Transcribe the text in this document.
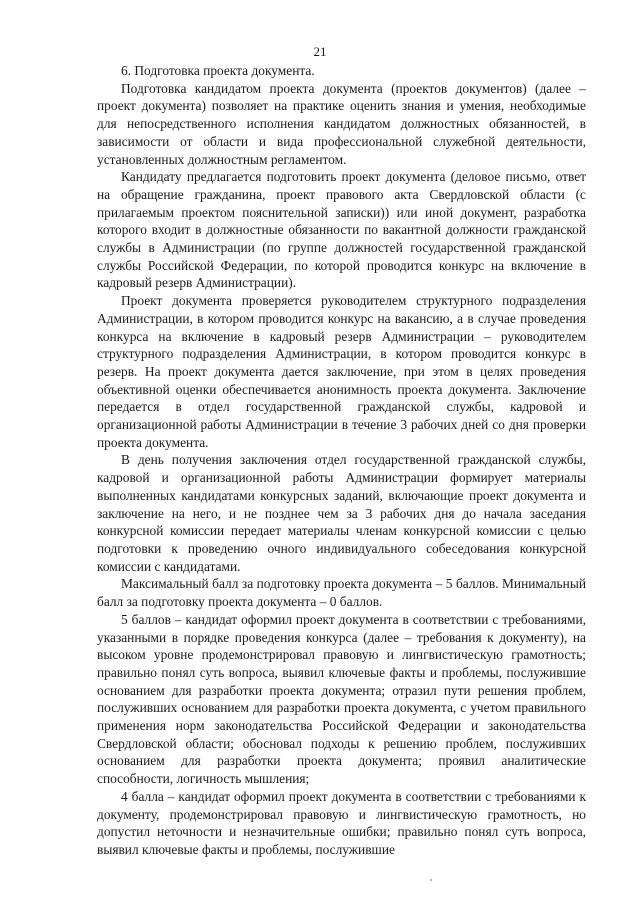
21

6. Подготовка проекта документа.

Подготовка кандидатом проекта документа (проектов документов) (далее – проект документа) позволяет на практике оценить знания и умения, необходимые для непосредственного исполнения кандидатом должностных обязанностей, в зависимости от области и вида профессиональной служебной деятельности, установленных должностным регламентом.

Кандидату предлагается подготовить проект документа (деловое письмо, ответ на обращение гражданина, проект правового акта Свердловской области (с прилагаемым проектом пояснительной записки)) или иной документ, разработка которого входит в должностные обязанности по вакантной должности гражданской службы в Администрации (по группе должностей государственной гражданской службы Российской Федерации, по которой проводится конкурс на включение в кадровый резерв Администрации).

Проект документа проверяется руководителем структурного подразделения Администрации, в котором проводится конкурс на вакансию, а в случае проведения конкурса на включение в кадровый резерв Администрации – руководителем структурного подразделения Администрации, в котором проводится конкурс в резерв. На проект документа дается заключение, при этом в целях проведения объективной оценки обеспечивается анонимность проекта документа. Заключение передается в отдел государственной гражданской службы, кадровой и организационной работы Администрации в течение 3 рабочих дней со дня проверки проекта документа.

В день получения заключения отдел государственной гражданской службы, кадровой и организационной работы Администрации формирует материалы выполненных кандидатами конкурсных заданий, включающие проект документа и заключение на него, и не позднее чем за 3 рабочих дня до начала заседания конкурсной комиссии передает материалы членам конкурсной комиссии с целью подготовки к проведению очного индивидуального собеседования конкурсной комиссии с кандидатами.

Максимальный балл за подготовку проекта документа – 5 баллов. Минимальный балл за подготовку проекта документа – 0 баллов.

5 баллов – кандидат оформил проект документа в соответствии с требованиями, указанными в порядке проведения конкурса (далее – требования к документу), на высоком уровне продемонстрировал правовую и лингвистическую грамотность; правильно понял суть вопроса, выявил ключевые факты и проблемы, послужившие основанием для разработки проекта документа; отразил пути решения проблем, послуживших основанием для разработки проекта документа, с учетом правильного применения норм законодательства Российской Федерации и законодательства Свердловской области; обосновал подходы к решению проблем, послуживших основанием для разработки проекта документа; проявил аналитические способности, логичность мышления;

4 балла – кандидат оформил проект документа в соответствии с требованиями к документу, продемонстрировал правовую и лингвистическую грамотность, но допустил неточности и незначительные ошибки; правильно понял суть вопроса, выявил ключевые факты и проблемы, послужившие
